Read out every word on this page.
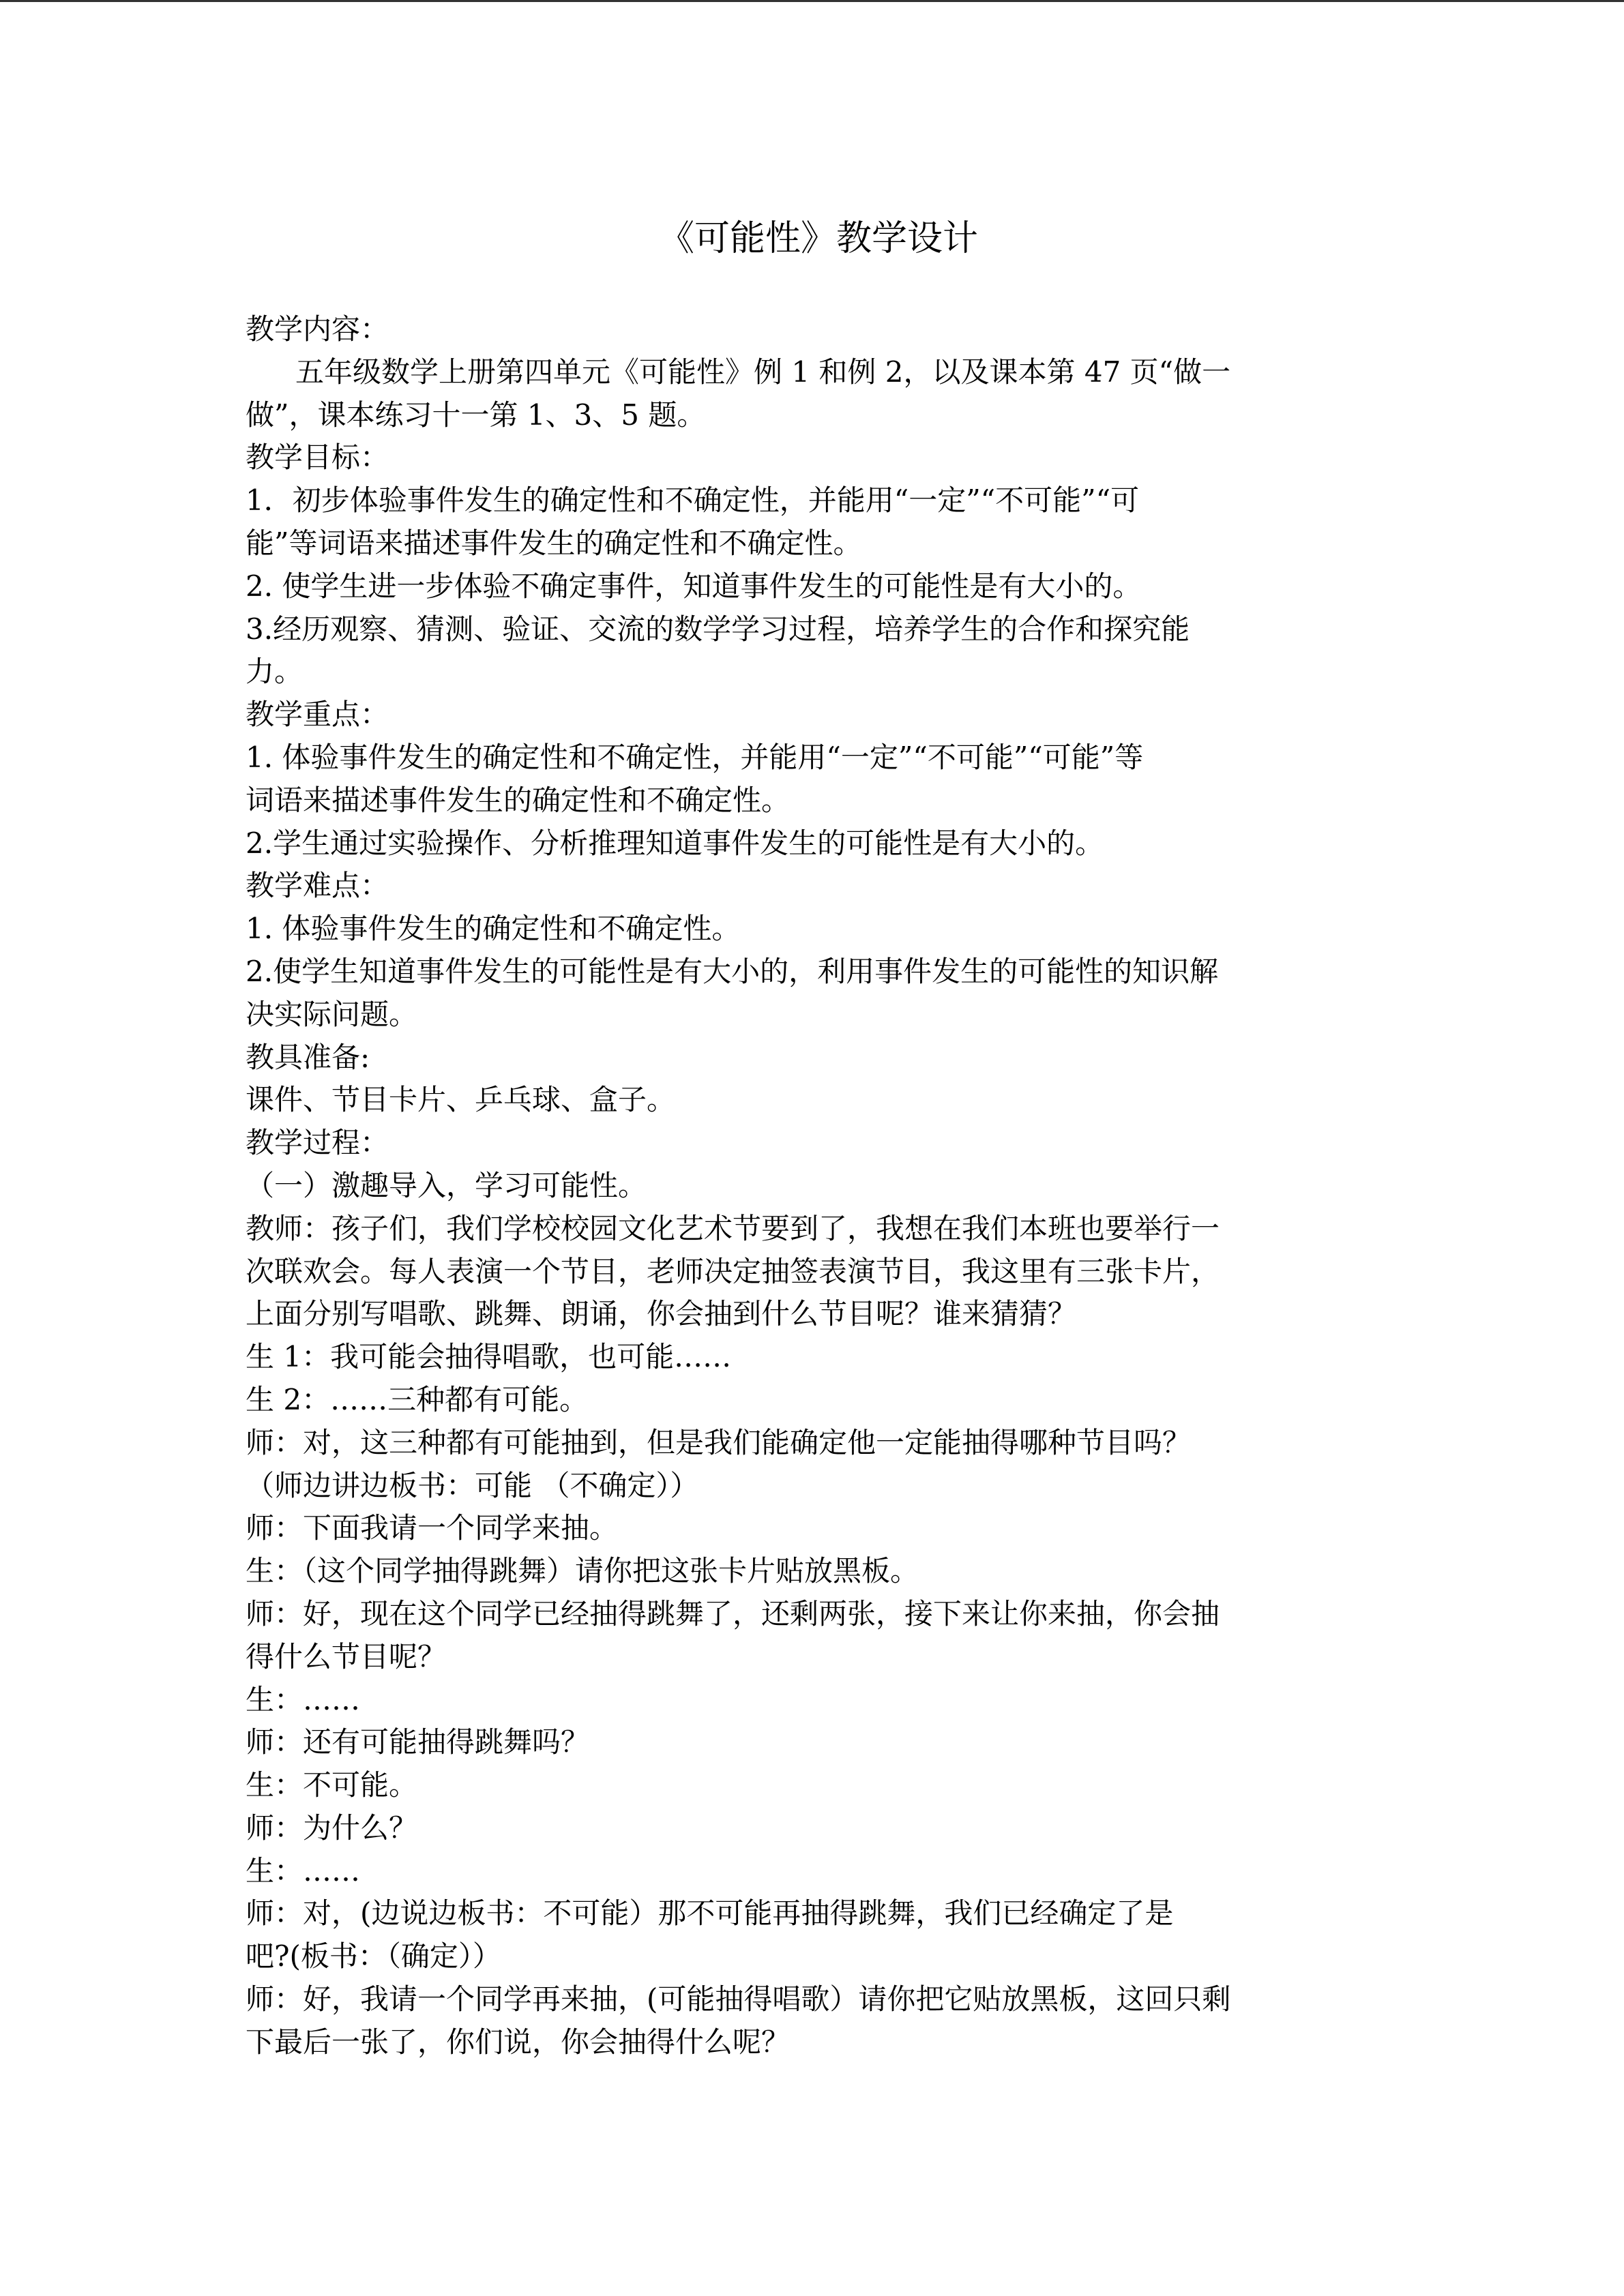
《可能性》教学设计

教学内容：

五年级数学上册第四单元《可能性》例 1 和例 2，以及课本第 47 页“做一

做”，课本练习十一第 1、3、5 题。

教学目标：

1．初步体验事件发生的确定性和不确定性，并能用“一定”“不可能”“可

能”等词语来描述事件发生的确定性和不确定性。

2. 使学生进一步体验不确定事件，知道事件发生的可能性是有大小的。

3.经历观察、猜测、验证、交流的数学学习过程，培养学生的合作和探究能

力。

教学重点：

1. 体验事件发生的确定性和不确定性，并能用“一定”“不可能”“可能”等

词语来描述事件发生的确定性和不确定性。

2.学生通过实验操作、分析推理知道事件发生的可能性是有大小的。

教学难点：

1. 体验事件发生的确定性和不确定性。

2.使学生知道事件发生的可能性是有大小的，利用事件发生的可能性的知识解

决实际问题。

教具准备:

课件、节目卡片、乒乓球、盒子。

教学过程：

（一）激趣导入，学习可能性。

教师：孩子们，我们学校校园文化艺术节要到了，我想在我们本班也要举行一

次联欢会。每人表演一个节目，老师决定抽签表演节目，我这里有三张卡片，

上面分别写唱歌、跳舞、朗诵，你会抽到什么节目呢？谁来猜猜？

生 1：我可能会抽得唱歌，也可能……

生 2：……三种都有可能。

师：对，这三种都有可能抽到，但是我们能确定他一定能抽得哪种节目吗？

（师边讲边板书：可能 （不确定））

师：下面我请一个同学来抽。

生：（这个同学抽得跳舞）请你把这张卡片贴放黑板。

师：好，现在这个同学已经抽得跳舞了，还剩两张，接下来让你来抽，你会抽

得什么节目呢？

生：……

师：还有可能抽得跳舞吗？

生：不可能。

师：为什么？

生：……

师：对，(边说边板书：不可能）那不可能再抽得跳舞，我们已经确定了是

吧?(板书：（确定））

师：好，我请一个同学再来抽，(可能抽得唱歌）请你把它贴放黑板，这回只剩

下最后一张了，你们说，你会抽得什么呢？
